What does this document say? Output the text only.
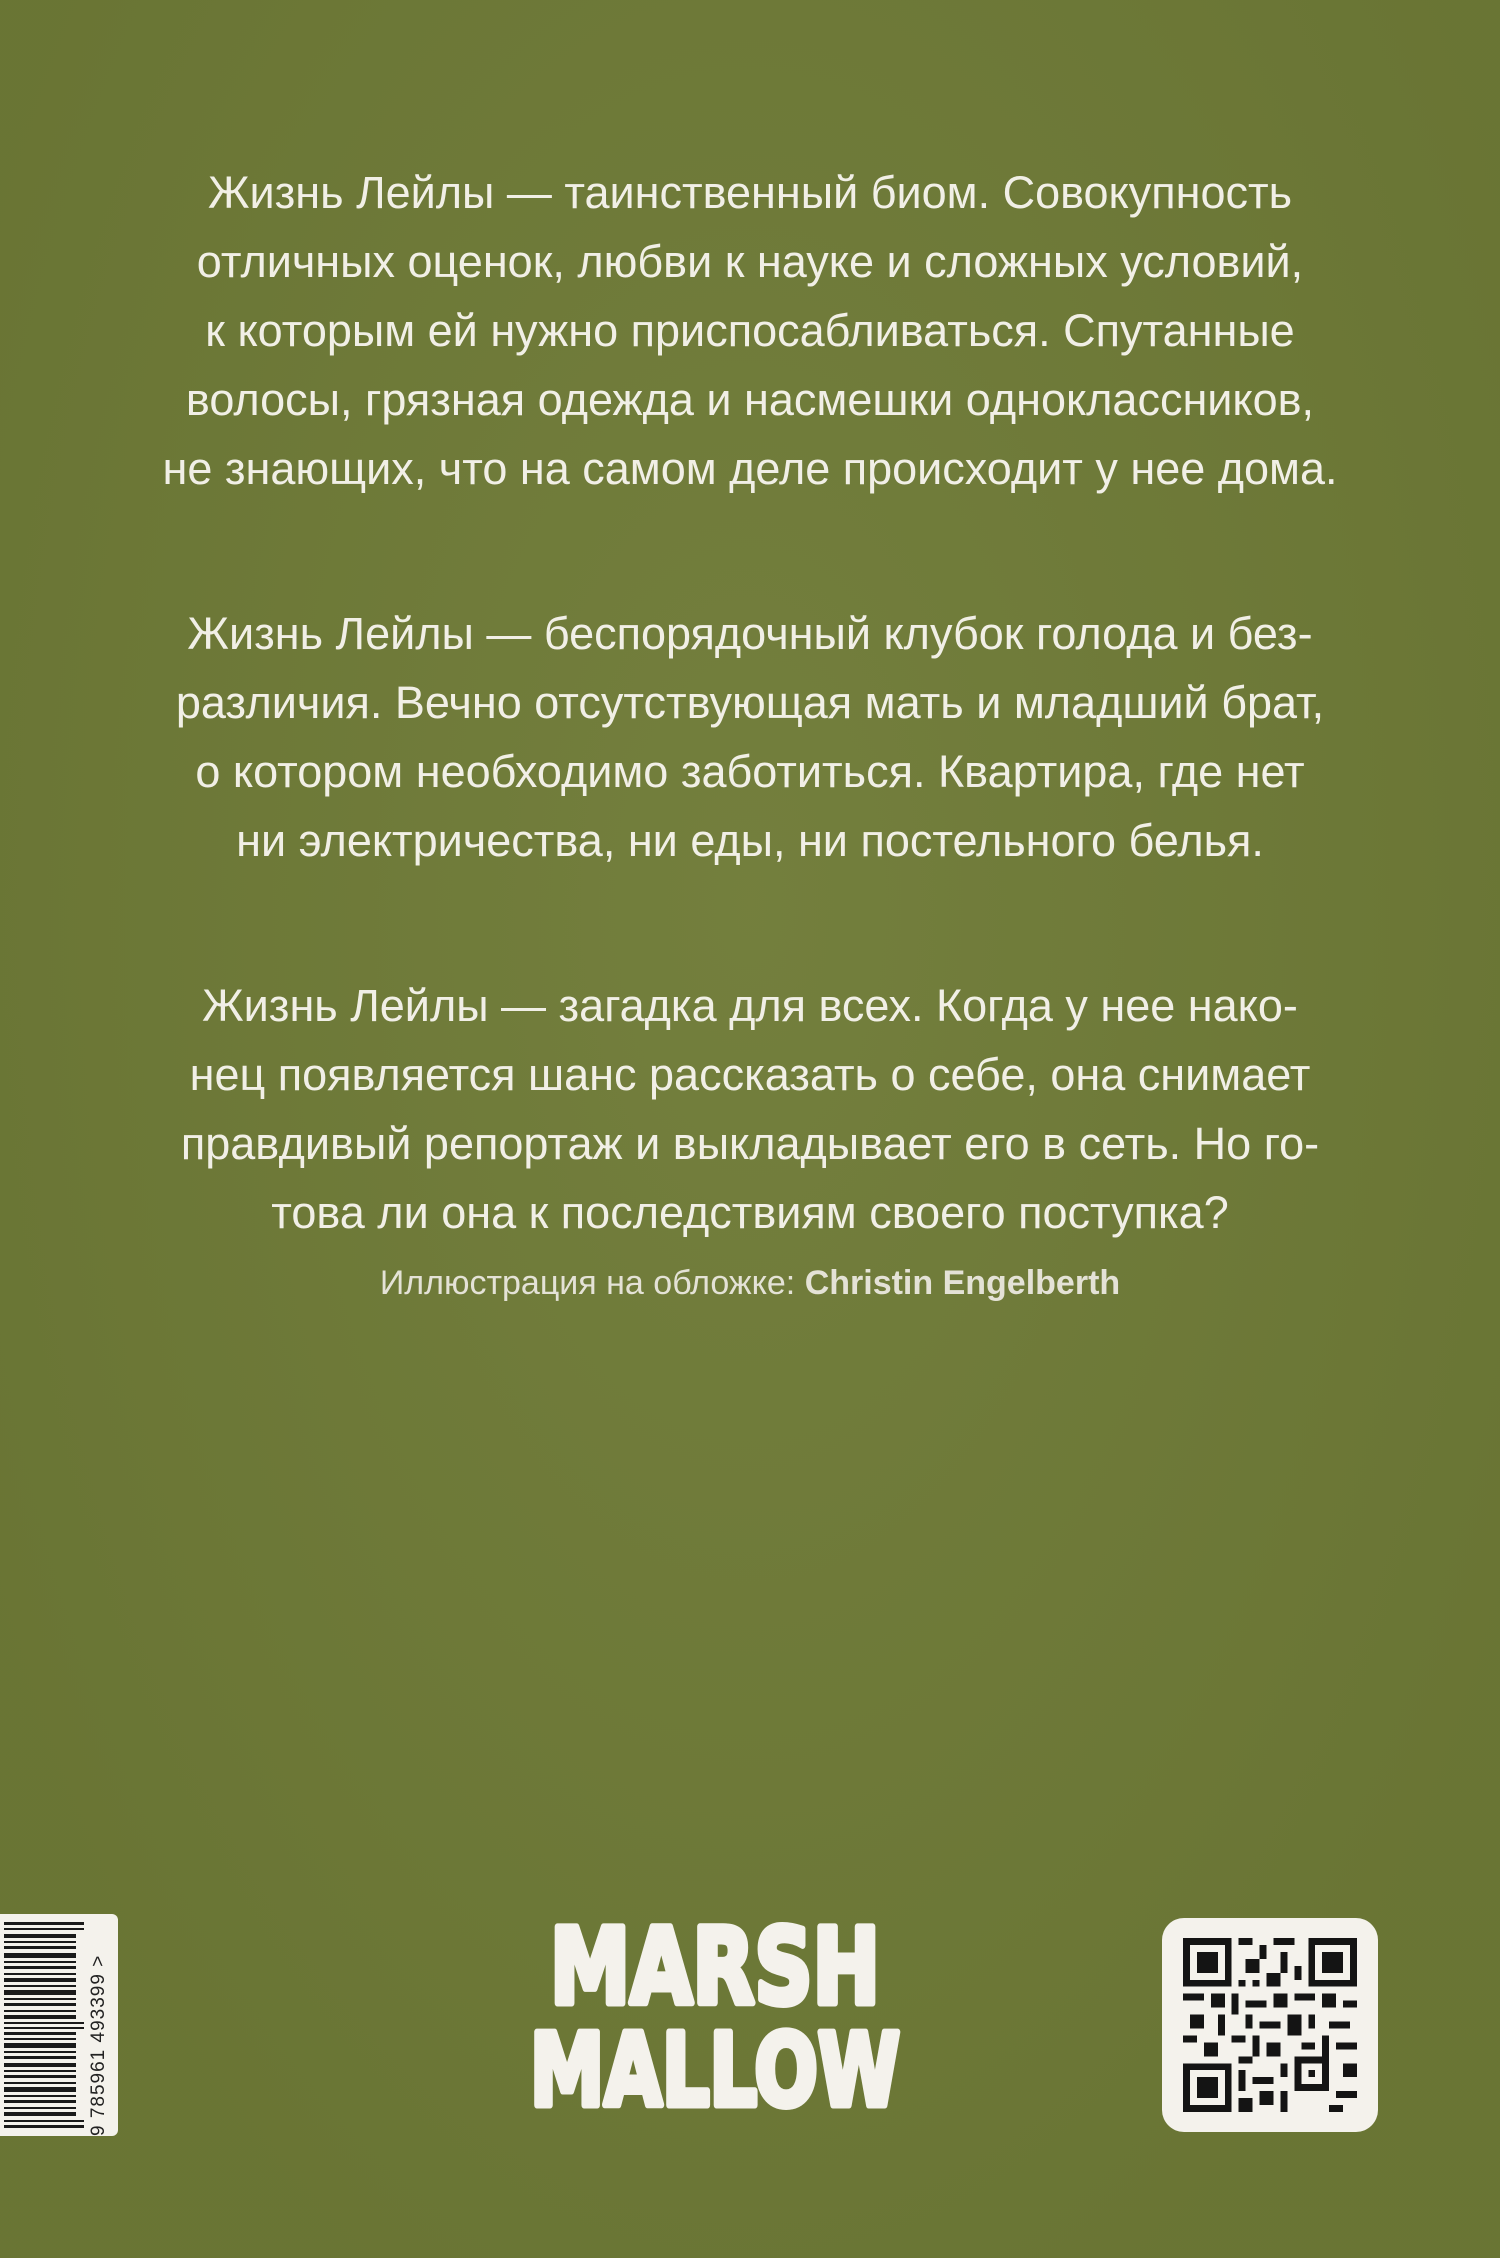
Жизнь Лейлы — таинственный биом. Совокупность
отличных оценок, любви к науке и сложных условий,
к которым ей нужно приспосабливаться. Спутанные
волосы, грязная одежда и насмешки одноклассников,
не знающих, что на самом деле происходит у нее дома.

Жизнь Лейлы — беспорядочный клубок голода и без-
различия. Вечно отсутствующая мать и младший брат,
о котором необходимо заботиться. Квартира, где нет
ни электричества, ни еды, ни постельного белья.

Жизнь Лейлы — загадка для всех. Когда у нее нако-
нец появляется шанс рассказать о себе, она снимает
правдивый репортаж и выкладывает его в сеть. Но го-
това ли она к последствиям своего поступка?

Иллюстрация на обложке: Christin Engelberth
9 785961 493399 >	MARSH
MALLOW
